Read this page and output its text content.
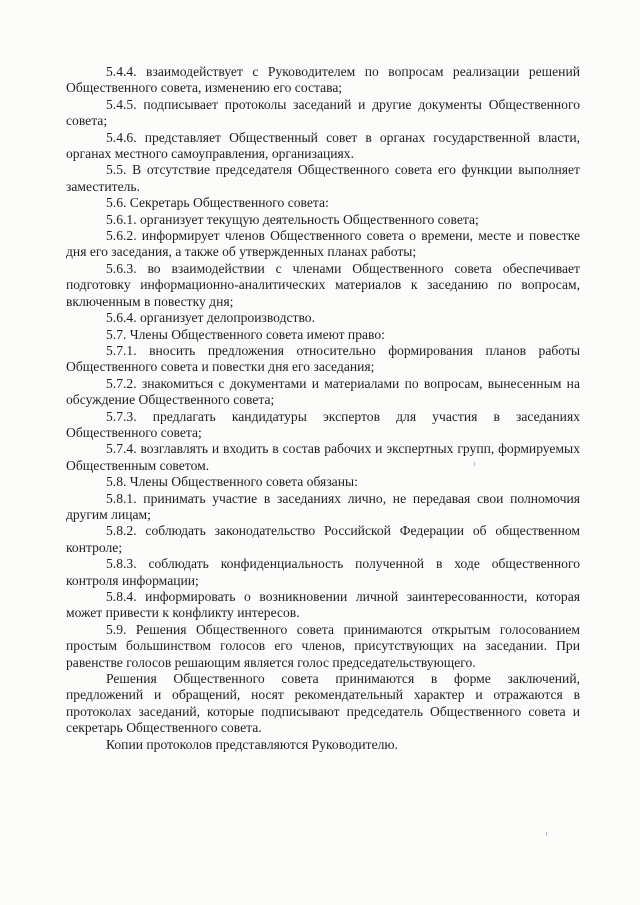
5.4.4. взаимодействует с Руководителем по вопросам реализации решений Общественного совета, изменению его состава;

5.4.5. подписывает протоколы заседаний и другие документы Общественного совета;

5.4.6. представляет Общественный совет в органах государственной власти, органах местного самоуправления, организациях.

5.5. В отсутствие председателя Общественного совета его функции выполняет заместитель.

5.6. Секретарь Общественного совета:

5.6.1. организует текущую деятельность Общественного совета;

5.6.2. информирует членов Общественного совета о времени, месте и повестке дня его заседания, а также об утвержденных планах работы;

5.6.3. во взаимодействии с членами Общественного совета обеспечивает подготовку информационно-аналитических материалов к заседанию по вопросам, включенным в повестку дня;

5.6.4. организует делопроизводство.

5.7. Члены Общественного совета имеют право:

5.7.1. вносить предложения относительно формирования планов работы Общественного совета и повестки дня его заседания;

5.7.2. знакомиться с документами и материалами по вопросам, вынесенным на обсуждение Общественного совета;

5.7.3. предлагать кандидатуры экспертов для участия в заседаниях Общественного совета;

5.7.4. возглавлять и входить в состав рабочих и экспертных групп, формируемых Общественным советом.

5.8. Члены Общественного совета обязаны:

5.8.1. принимать участие в заседаниях лично, не передавая свои полномочия другим лицам;

5.8.2. соблюдать законодательство Российской Федерации об общественном контроле;

5.8.3. соблюдать конфиденциальность полученной в ходе общественного контроля информации;

5.8.4. информировать о возникновении личной заинтересованности, которая может привести к конфликту интересов.

5.9. Решения Общественного совета принимаются открытым голосованием простым большинством голосов его членов, присутствующих на заседании. При равенстве голосов решающим является голос председательствующего.

Решения Общественного совета принимаются в форме заключений, предложений и обращений, носят рекомендательный характер и отражаются в протоколах заседаний, которые подписывают председатель Общественного совета и секретарь Общественного совета.

Копии протоколов представляются Руководителю.
